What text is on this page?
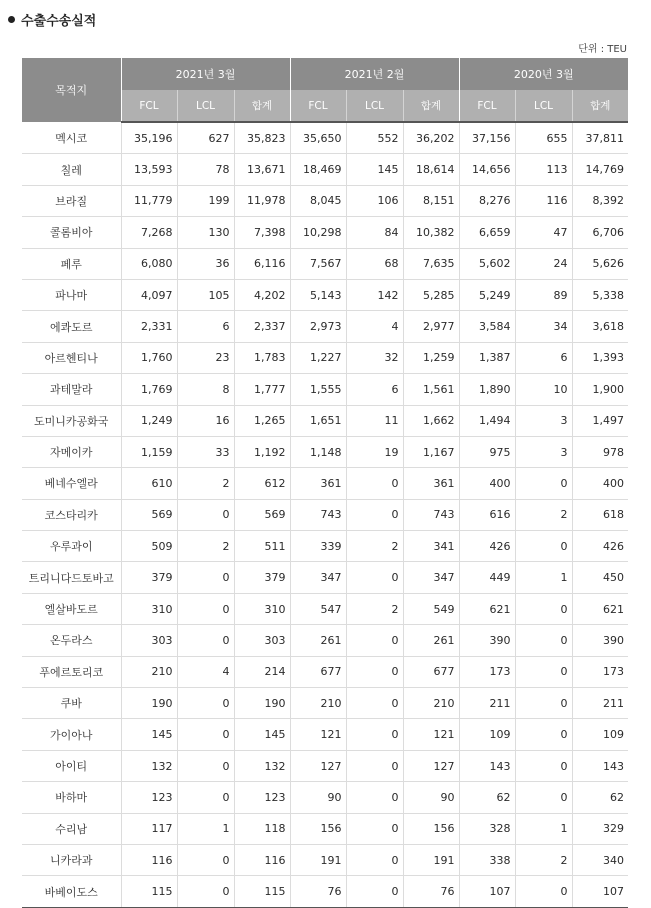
수출수송실적
단위 : TEU
목적지	2021년 3월			2021년 2월			2020년 3월		
	FCL	LCL	합계	FCL	LCL	합계	FCL	LCL	합계
멕시코	35,196	627	35,823	35,650	552	36,202	37,156	655	37,811
칠레	13,593	78	13,671	18,469	145	18,614	14,656	113	14,769
브라질	11,779	199	11,978	8,045	106	8,151	8,276	116	8,392
콜롬비아	7,268	130	7,398	10,298	84	10,382	6,659	47	6,706
페루	6,080	36	6,116	7,567	68	7,635	5,602	24	5,626
파나마	4,097	105	4,202	5,143	142	5,285	5,249	89	5,338
에콰도르	2,331	6	2,337	2,973	4	2,977	3,584	34	3,618
아르헨티나	1,760	23	1,783	1,227	32	1,259	1,387	6	1,393
과테말라	1,769	8	1,777	1,555	6	1,561	1,890	10	1,900
도미니카공화국	1,249	16	1,265	1,651	11	1,662	1,494	3	1,497
자메이카	1,159	33	1,192	1,148	19	1,167	975	3	978
베네수엘라	610	2	612	361	0	361	400	0	400
코스타리카	569	0	569	743	0	743	616	2	618
우루과이	509	2	511	339	2	341	426	0	426
트리니다드토바고	379	0	379	347	0	347	449	1	450
엘살바도르	310	0	310	547	2	549	621	0	621
온두라스	303	0	303	261	0	261	390	0	390
푸에르토리코	210	4	214	677	0	677	173	0	173
쿠바	190	0	190	210	0	210	211	0	211
가이아나	145	0	145	121	0	121	109	0	109
아이티	132	0	132	127	0	127	143	0	143
바하마	123	0	123	90	0	90	62	0	62
수리남	117	1	118	156	0	156	328	1	329
니카라과	116	0	116	191	0	191	338	2	340
바베이도스	115	0	115	76	0	76	107	0	107
